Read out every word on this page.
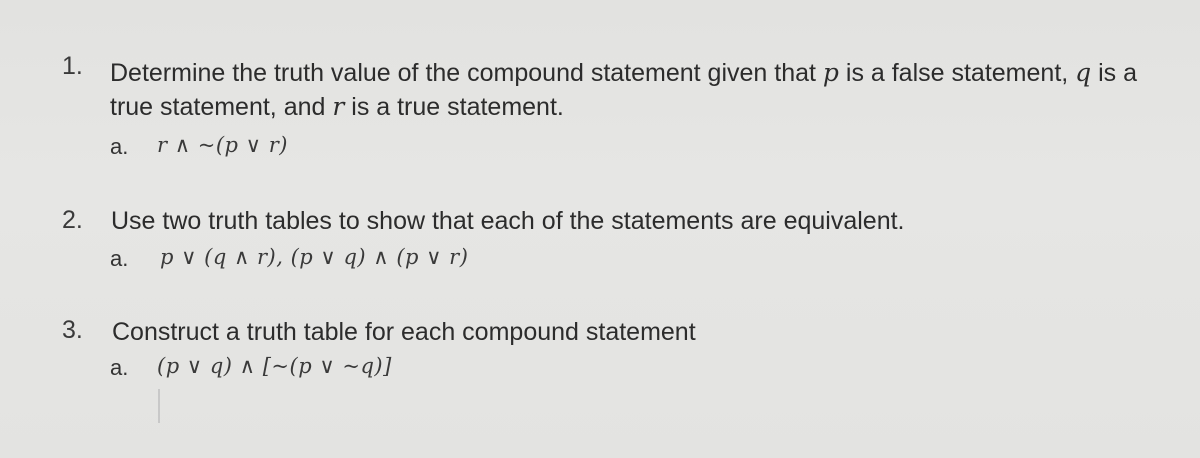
1. Determine the truth value of the compound statement given that p is a false statement, q is a
true statement, and r is a true statement.
a. r ∧ ~(p ∨ r)
2. Use two truth tables to show that each of the statements are equivalent.
a. p ∨ (q ∧ r), (p ∨ q) ∧ (p ∨ r)
3. Construct a truth table for each compound statement
a. (p ∨ q) ∧ [~(p ∨ ~q)]
